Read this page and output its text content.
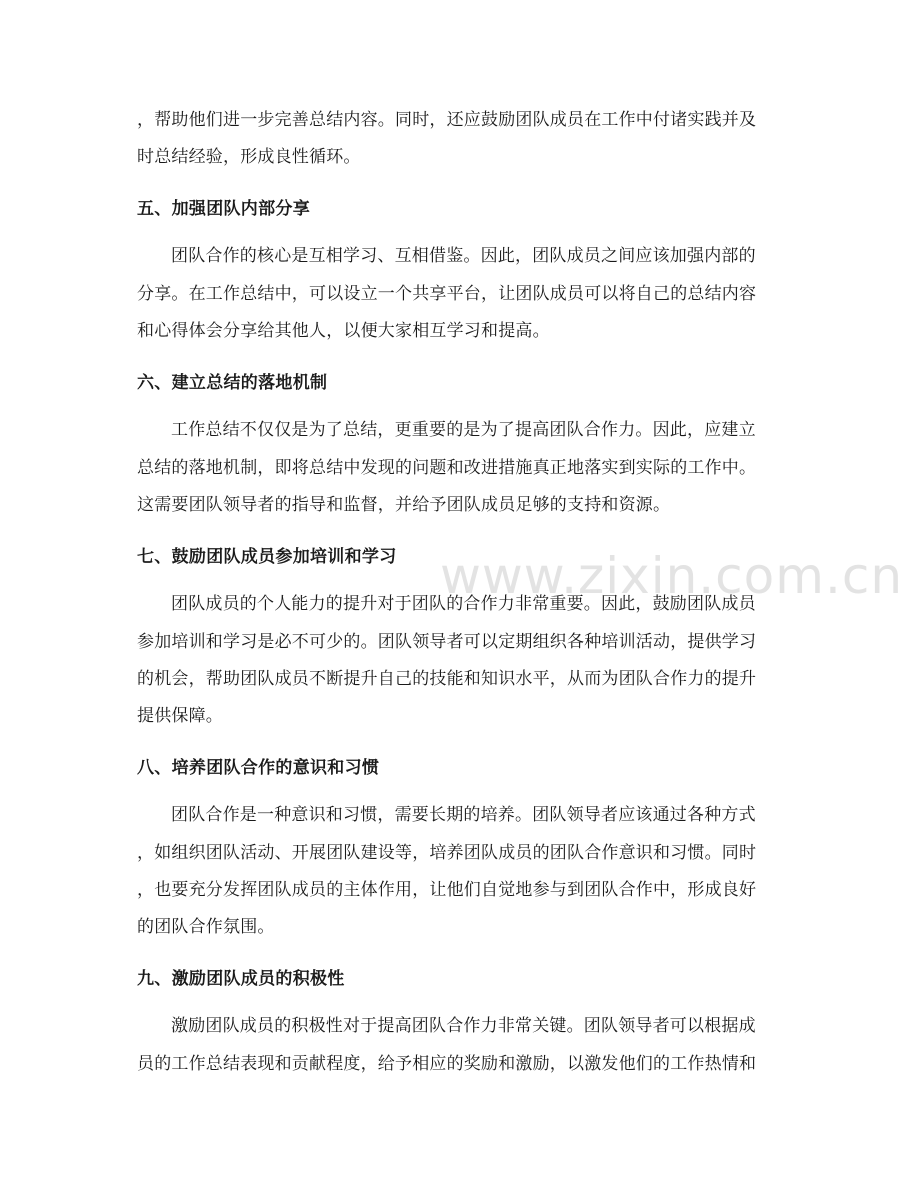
www.zixin.com.cn
，帮助他们进一步完善总结内容。同时，还应鼓励团队成员在工作中付诸实践并及
时总结经验，形成良性循环。
五、加强团队内部分享
团队合作的核心是互相学习、互相借鉴。因此，团队成员之间应该加强内部的
分享。在工作总结中，可以设立一个共享平台，让团队成员可以将自己的总结内容
和心得体会分享给其他人，以便大家相互学习和提高。
六、建立总结的落地机制
工作总结不仅仅是为了总结，更重要的是为了提高团队合作力。因此，应建立
总结的落地机制，即将总结中发现的问题和改进措施真正地落实到实际的工作中。
这需要团队领导者的指导和监督，并给予团队成员足够的支持和资源。
七、鼓励团队成员参加培训和学习
团队成员的个人能力的提升对于团队的合作力非常重要。因此，鼓励团队成员
参加培训和学习是必不可少的。团队领导者可以定期组织各种培训活动，提供学习
的机会，帮助团队成员不断提升自己的技能和知识水平，从而为团队合作力的提升
提供保障。
八、培养团队合作的意识和习惯
团队合作是一种意识和习惯，需要长期的培养。团队领导者应该通过各种方式
，如组织团队活动、开展团队建设等，培养团队成员的团队合作意识和习惯。同时
，也要充分发挥团队成员的主体作用，让他们自觉地参与到团队合作中，形成良好
的团队合作氛围。
九、激励团队成员的积极性
激励团队成员的积极性对于提高团队合作力非常关键。团队领导者可以根据成
员的工作总结表现和贡献程度，给予相应的奖励和激励，以激发他们的工作热情和
